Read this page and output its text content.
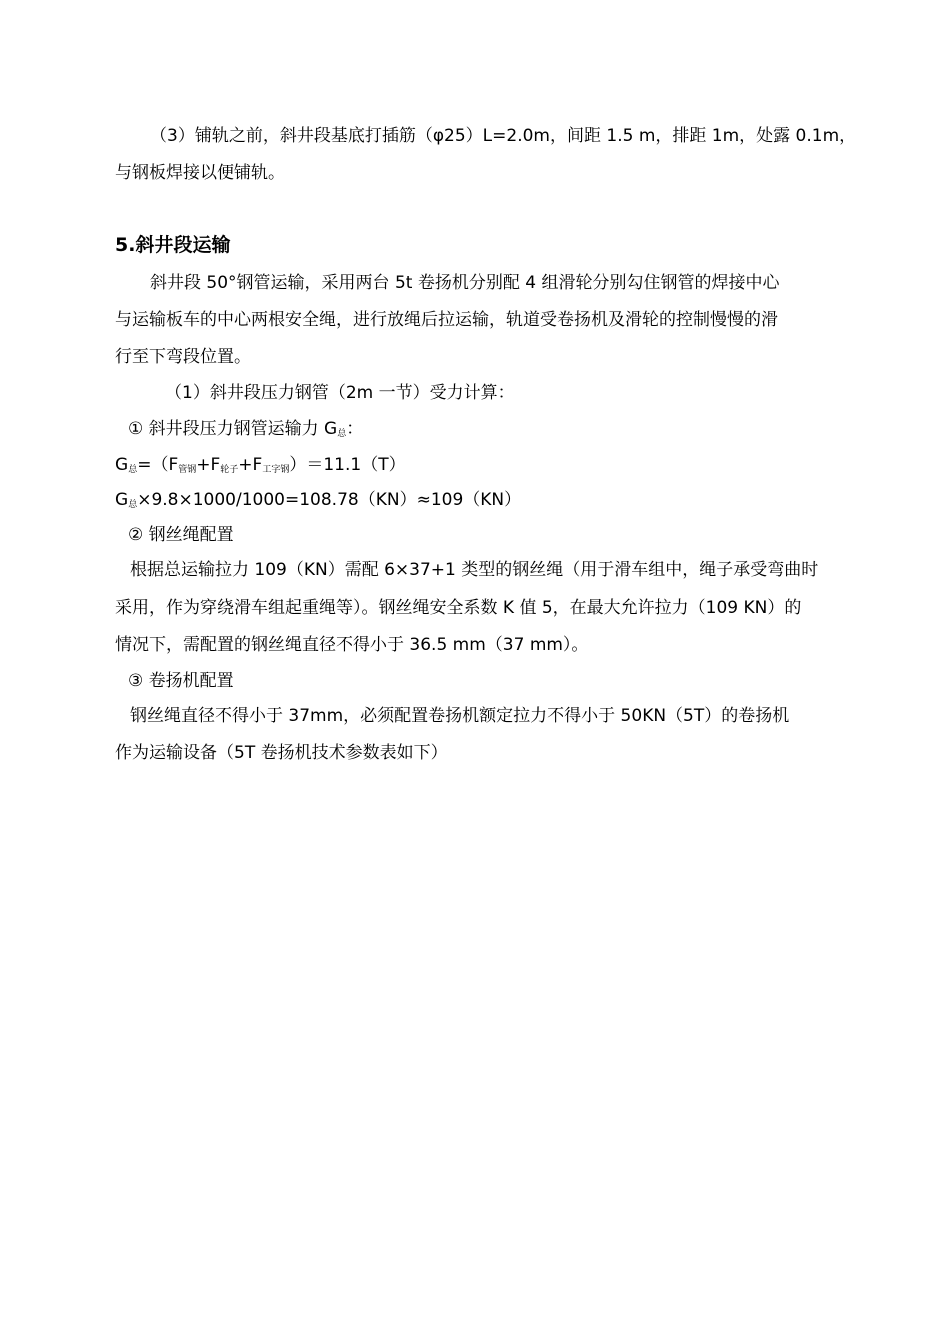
（3）铺轨之前，斜井段基底打插筋（φ25）L=2.0m，间距 1.5 m，排距 1m，处露 0.1m，
与钢板焊接以便铺轨。
5.斜井段运输
斜井段 50°钢管运输，采用两台 5t 卷扬机分别配 4 组滑轮分别勾住钢管的焊接中心
与运输板车的中心两根安全绳，进行放绳后拉运输，轨道受卷扬机及滑轮的控制慢慢的滑
行至下弯段位置。
（1）斜井段压力钢管（2m 一节）受力计算：
① 斜井段压力钢管运输力 $G_总$：
$G_总=(F_{管钢}+F_{轮子}+F_{工字钢})=11.1(T)$
$G_总\times 9.8\times 1000/1000=108.78(KN)\approx 109(KN)$
② 钢丝绳配置
根据总运输拉力 109（KN）需配 6×37+1 类型的钢丝绳（用于滑车组中，绳子承受弯曲时
采用，作为穿绕滑车组起重绳等）。钢丝绳安全系数 K 值 5，在最大允许拉力（109 KN）的
情况下，需配置的钢丝绳直径不得小于 36.5 mm（37 mm）。
③ 卷扬机配置
钢丝绳直径不得小于 37mm，必须配置卷扬机额定拉力不得小于 50KN（5T）的卷扬机
作为运输设备（5T 卷扬机技术参数表如下）
